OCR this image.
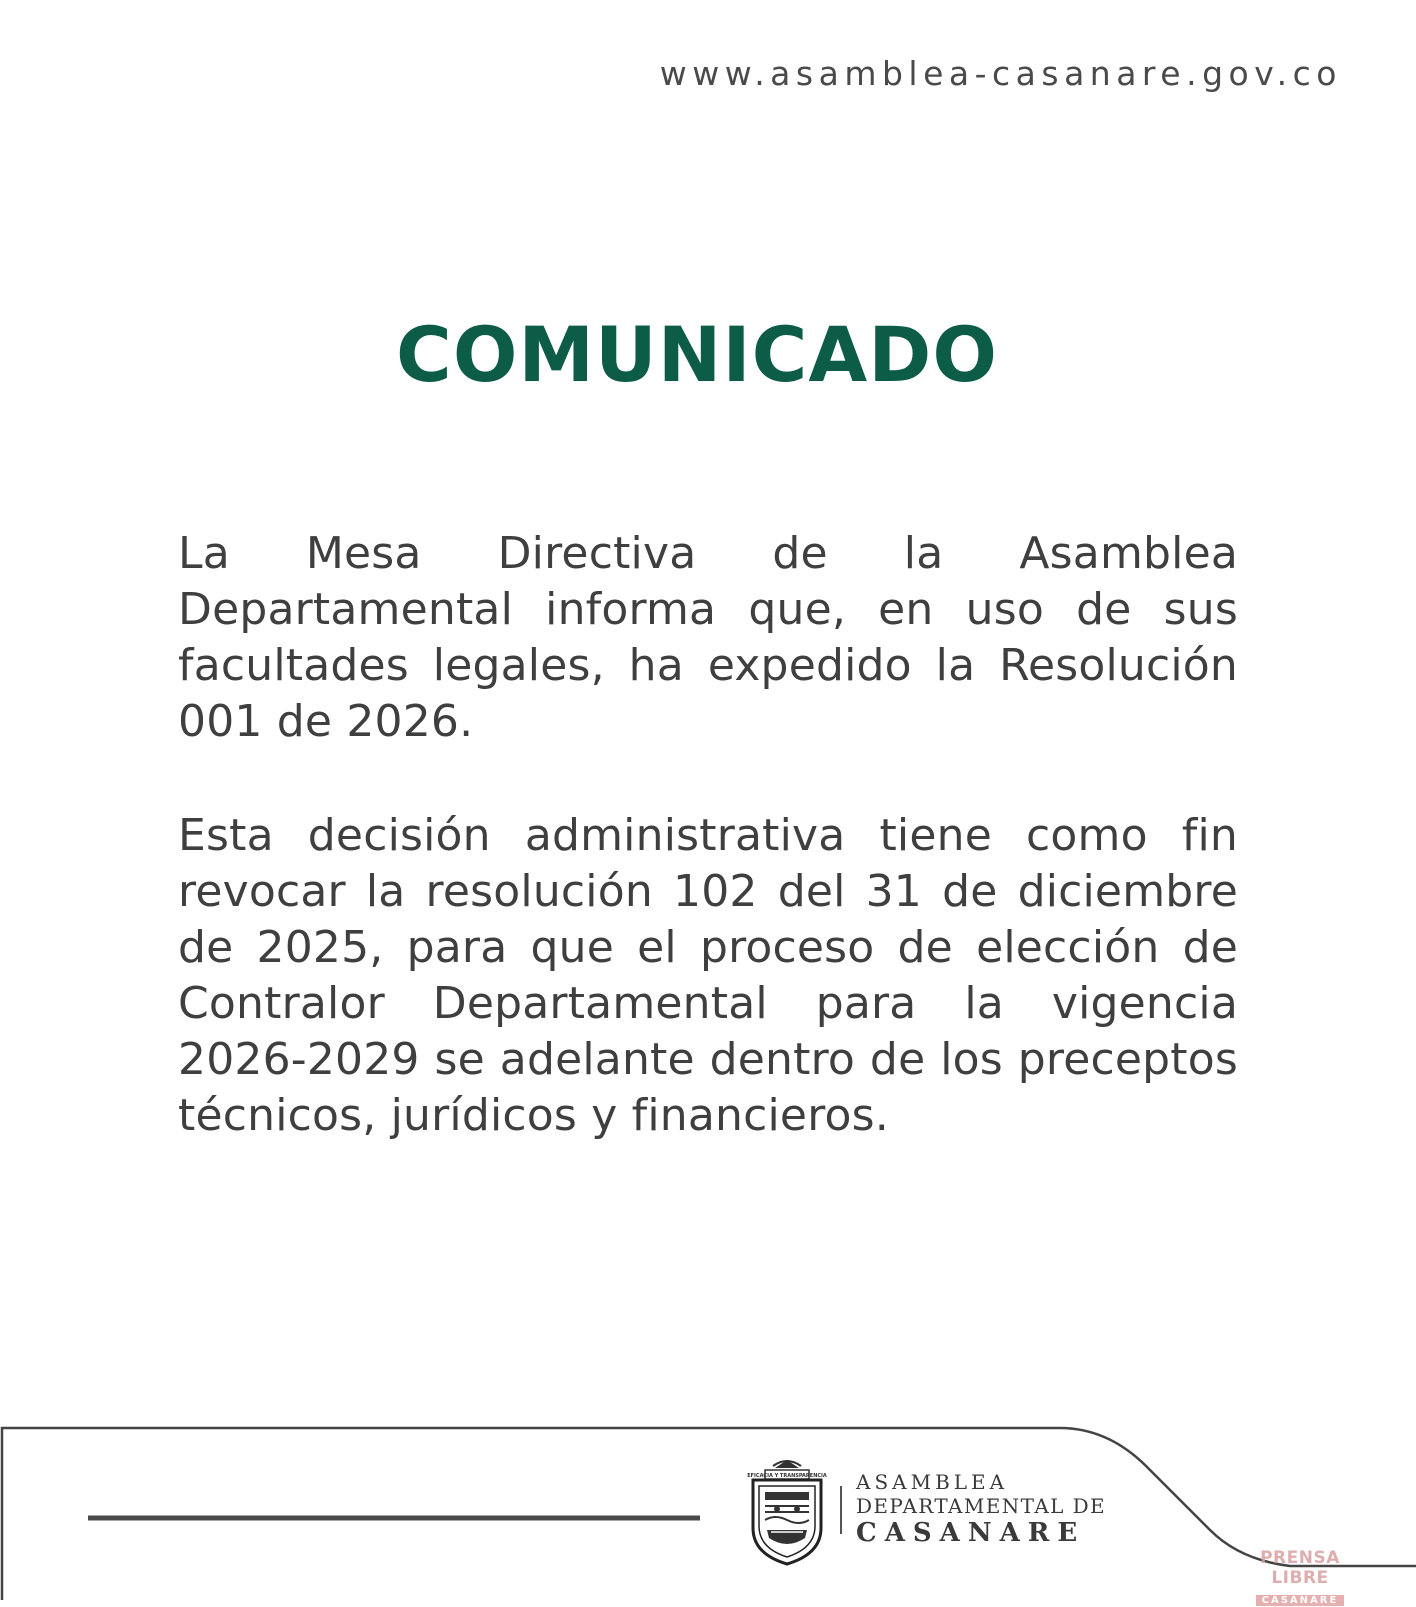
www.asamblea-casanare.gov.co
COMUNICADO

La Mesa Directiva de la Asamblea Departamental informa que, en uso de sus facultades legales, ha expedido la Resolución 001 de 2026.

Esta decisión administrativa tiene como fin revocar la resolución 102 del 31 de diciembre de 2025, para que el proceso de elección de Contralor Departamental para la vigencia 2026-2029 se adelante dentro de los preceptos técnicos, jurídicos y financieros.

EFICACIA Y TRANSPARENCIA ASAMBLEA
DEPARTAMENTAL DE
CASANARE
PRENSA LIBRE
CASANARE
